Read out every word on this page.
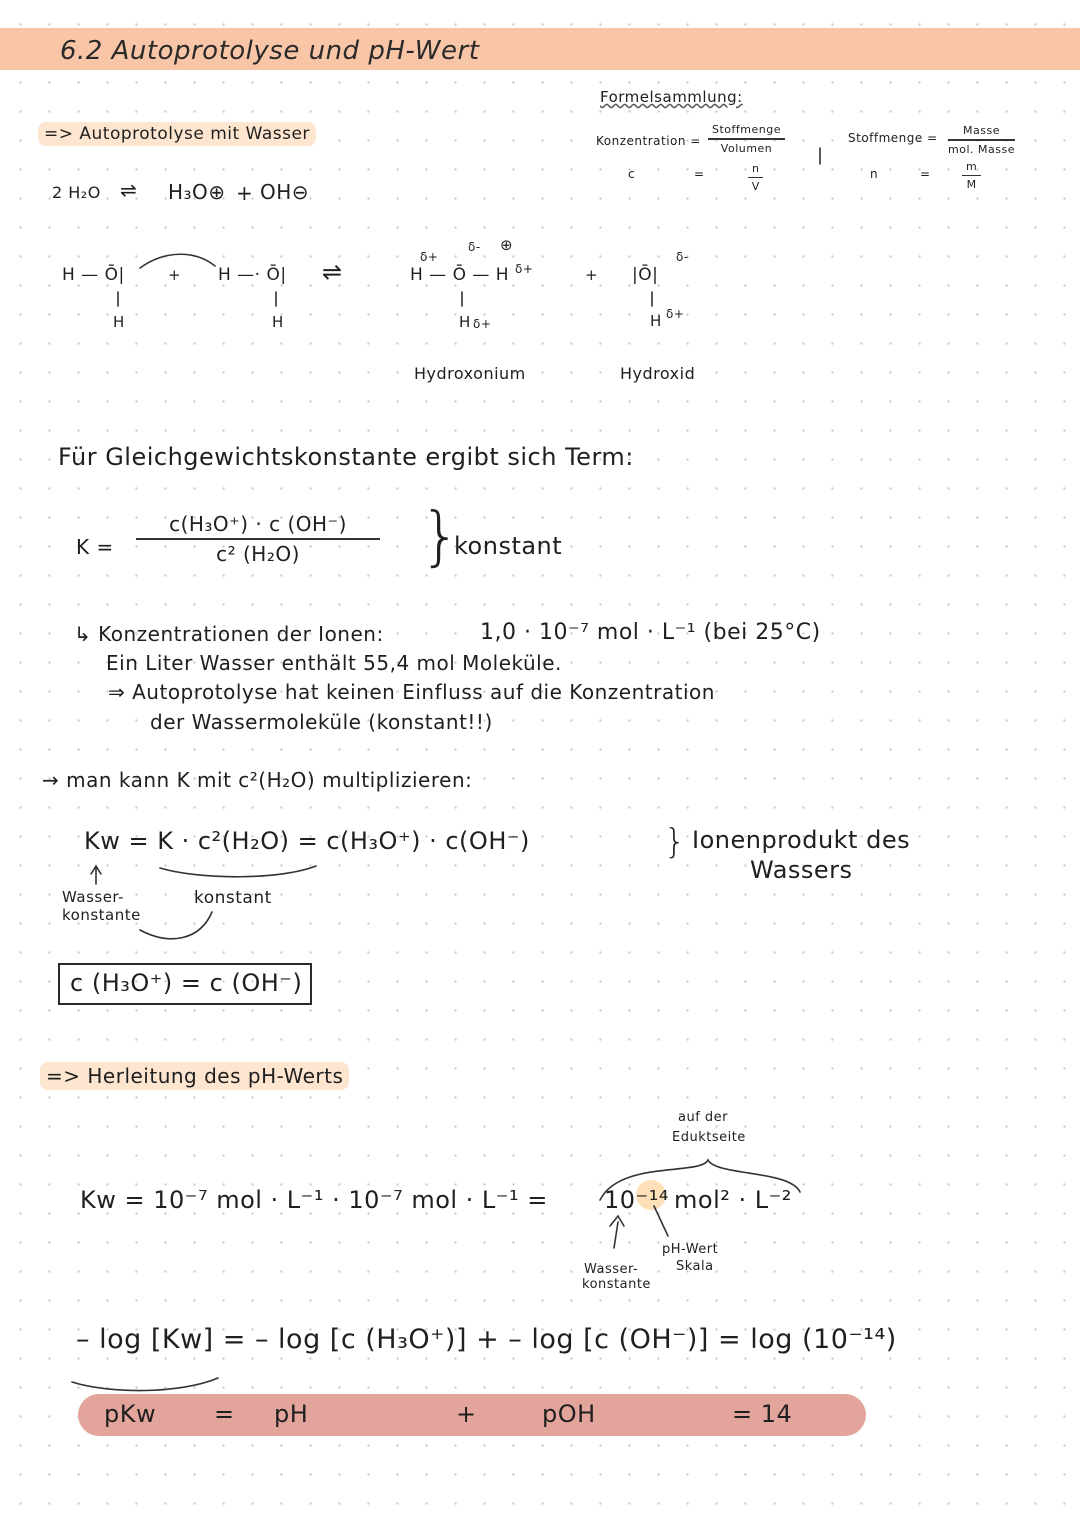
6.2 Autoprotolyse und pH-Wert
Formelsammlung:
Konzentration =
Stoffmenge
Volumen
c	=	$\frac{n}{V}$
Stoffmenge =
Masse
mol. Masse
n	=	$\frac{m}{M}$
=> Autoprotolyse mit Wasser
2 H₂O ⇌ H₃O⊕ + OH⊖
H — Ō|
H
+ H —· Ō|
H
⇌
⊕
δ-
δ+
H — Ō — H δ+
H δ+
+
δ-
|Ō|
H δ+
Hydroxonium	Hydroxid
Für Gleichgewichtskonstante ergibt sich Term:
$K = \frac{\text{c(H₃O⁺) · c (OH⁻)}}{\text{c² (H₂O)}}$ }
konstant
↳ Konzentrationen der Ionen:	1,0 · 10⁻⁷ mol · L⁻¹ (bei 25°C)
Ein Liter Wasser enthält 55,4 mol Moleküle.
⇒ Autoprotolyse hat keinen Einfluss auf die Konzentration
der Wassermoleküle (konstant!!)
→ man kann K mit c²(H₂O) multiplizieren:
Kw = K · c²(H₂O) = c(H₃O⁺) · c(OH⁻)	} Ionenprodukt des
Wassers
Wasser-
konstante
konstant
c (H₃O⁺) = c (OH⁻)
=> Herleitung des pH-Werts
auf der
Eduktseite
Kw = 10⁻⁷ mol · L⁻¹ · 10⁻⁷ mol · L⁻¹ = 10⁻¹⁴ mol² · L⁻²
Wasser-
konstante
pH-Wert
Skala
– log [Kw] = – log [c (H₃O⁺)] + – log [c (OH⁻)] = log (10⁻¹⁴)
pKw = pH	+	pOH	= 14
